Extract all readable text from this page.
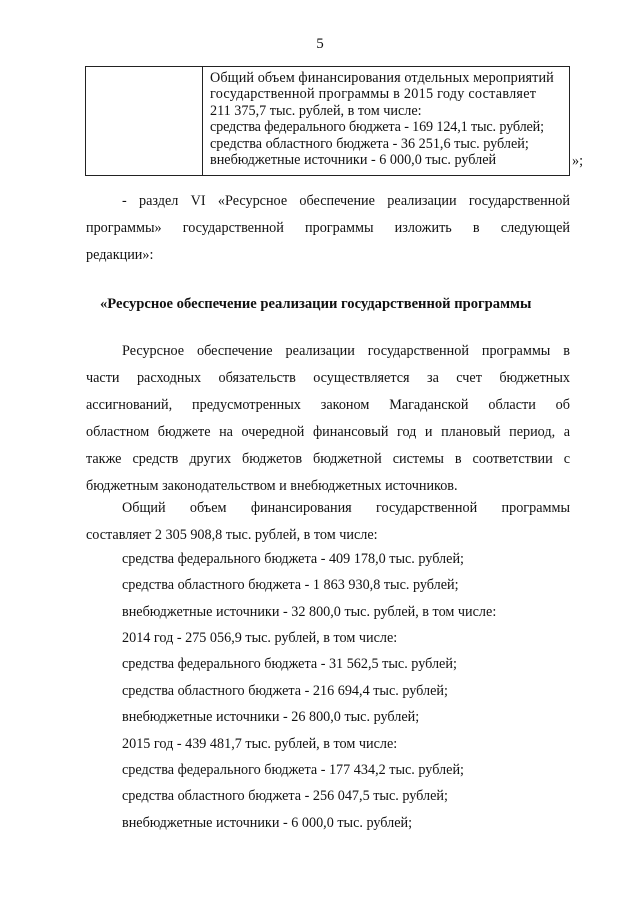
5
Общий объем финансирования отдельных мероприятий
государственной программы в 2015 году составляет
211 375,7 тыс. рублей, в том числе:
средства федерального бюджета - 169 124,1 тыс. рублей;
средства областного бюджета - 36 251,6 тыс. рублей;
внебюджетные источники - 6 000,0 тыс. рублей	»;
- раздел VI «Ресурсное обеспечение реализации государственной
программы» государственной программы изложить в следующей
редакции»:
«Ресурсное обеспечение реализации государственной программы
Ресурсное обеспечение реализации государственной программы в
части расходных обязательств осуществляется за счет бюджетных
ассигнований, предусмотренных законом Магаданской области об
областном бюджете на очередной финансовый год и плановый период, а
также средств других бюджетов бюджетной системы в соответствии с
бюджетным законодательством и внебюджетных источников.
Общий объем финансирования государственной программы
составляет 2 305 908,8 тыс. рублей, в том числе:
средства федерального бюджета - 409 178,0 тыс. рублей;
средства областного бюджета - 1 863 930,8 тыс. рублей;
внебюджетные источники - 32 800,0 тыс. рублей, в том числе:
2014 год - 275 056,9 тыс. рублей, в том числе:
средства федерального бюджета - 31 562,5 тыс. рублей;
средства областного бюджета - 216 694,4 тыс. рублей;
внебюджетные источники - 26 800,0 тыс. рублей;
2015 год - 439 481,7 тыс. рублей, в том числе:
средства федерального бюджета - 177 434,2 тыс. рублей;
средства областного бюджета - 256 047,5 тыс. рублей;
внебюджетные источники - 6 000,0 тыс. рублей;
